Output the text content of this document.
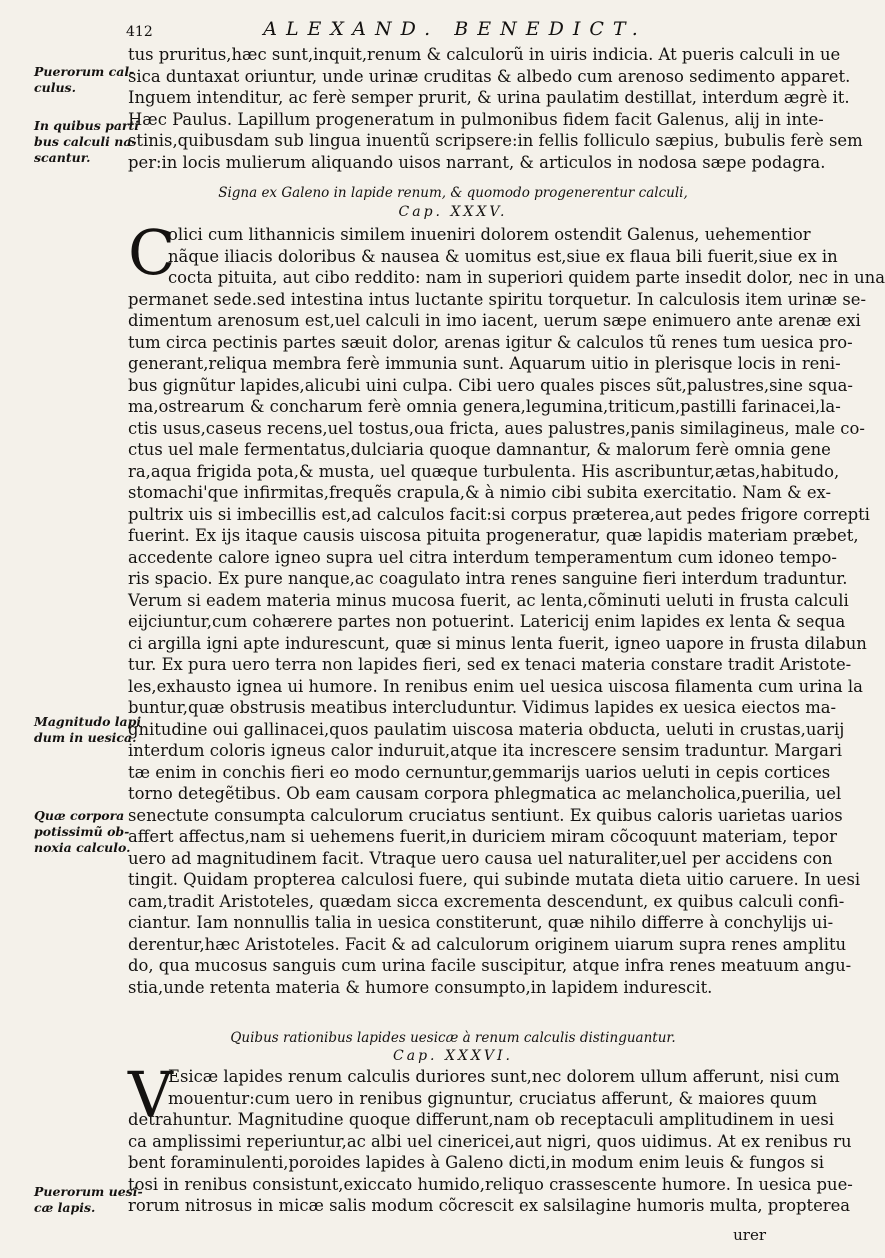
412	ALEXAND. BENEDICT.
Puerorum cal-
culus.
In quibus parti
bus calculi na-
scantur.
Magnitudo lapi
dum in uesica.
Quæ corpora
potissimũ ob-
noxia calculo.
Puerorum uesi-
cæ lapis.
tus pruritus,hæc sunt,inquit,renum & calculorũ in uiris indicia. At pueris calculi in ue
sica duntaxat oriuntur, unde urinæ cruditas & albedo cum arenoso sedimento apparet.
Inguem intenditur, ac ferè semper prurit, & urina paulatim destillat, interdum ægrè it.
Hæc Paulus. Lapillum progeneratum in pulmonibus fidem facit Galenus, alij in inte-
stinis,quibusdam sub lingua inuentũ scripsere:in fellis folliculo sæpius, bubulis ferè sem
per:in locis mulierum aliquando uisos narrant, & articulos in nodosa sæpe podagra.
Signa ex Galeno in lapide renum, & quomodo progenerentur calculi,
Cap. XXXV.
C
olici cum lithannicis similem inueniri dolorem ostendit Galenus, uehementior
nãque iliacis doloribus & nausea & uomitus est,siue ex flaua bili fuerit,siue ex in
cocta pituita, aut cibo reddito: nam in superiori quidem parte insedit dolor, nec in una
permanet sede.sed intestina intus luctante spiritu torquetur. In calculosis item urinæ se-
dimentum arenosum est,uel calculi in imo iacent, uerum sæpe enimuero ante arenæ exi
tum circa pectinis partes sæuit dolor, arenas igitur & calculos tũ renes tum uesica pro-
generant,reliqua membra ferè immunia sunt. Aquarum uitio in plerisque locis in reni-
bus gignũtur lapides,alicubi uini culpa. Cibi uero quales pisces sũt,palustres,sine squa-
ma,ostrearum & concharum ferè omnia genera,legumina,triticum,pastilli farinacei,la-
ctis usus,caseus recens,uel tostus,oua fricta, aues palustres,panis similagineus, male co-
ctus uel male fermentatus,dulciaria quoque damnantur, & malorum ferè omnia gene
ra,aqua frigida pota,& musta, uel quæque turbulenta. His ascribuntur,ætas,habitudo,
stomachi'que infirmitas,frequẽs crapula,& à nimio cibi subita exercitatio. Nam & ex-
pultrix uis si imbecillis est,ad calculos facit:si corpus præterea,aut pedes frigore correpti
fuerint. Ex ijs itaque causis uiscosa pituita progeneratur, quæ lapidis materiam præbet,
accedente calore igneo supra uel citra interdum temperamentum cum idoneo tempo-
ris spacio. Ex pure nanque,ac coagulato intra renes sanguine fieri interdum traduntur.
Verum si eadem materia minus mucosa fuerit, ac lenta,cõminuti ueluti in frusta calculi
eijciuntur,cum cohærere partes non potuerint. Latericij enim lapides ex lenta & sequa
ci argilla igni apte indurescunt, quæ si minus lenta fuerit, igneo uapore in frusta dilabun
tur. Ex pura uero terra non lapides fieri, sed ex tenaci materia constare tradit Aristote-
les,exhausto ignea ui humore. In renibus enim uel uesica uiscosa filamenta cum urina la
buntur,quæ obstrusis meatibus intercluduntur. Vidimus lapides ex uesica eiectos ma-
gnitudine oui gallinacei,quos paulatim uiscosa materia obducta, ueluti in crustas,uarij
interdum coloris igneus calor induruit,atque ita increscere sensim traduntur. Margari
tæ enim in conchis fieri eo modo cernuntur,gemmarijs uarios ueluti in cepis cortices
torno detegẽtibus. Ob eam causam corpora phlegmatica ac melancholica,puerilia, uel
senectute consumpta calculorum cruciatus sentiunt. Ex quibus caloris uarietas uarios
affert affectus,nam si uehemens fuerit,in duriciem miram cõcoquunt materiam, tepor
uero ad magnitudinem facit. Vtraque uero causa uel naturaliter,uel per accidens con
tingit. Quidam propterea calculosi fuere, qui subinde mutata dieta uitio caruere. In uesi
cam,tradit Aristoteles, quædam sicca excrementa descendunt, ex quibus calculi confi-
ciantur. Iam nonnullis talia in uesica constiterunt, quæ nihilo differre à conchylijs ui-
derentur,hæc Aristoteles. Facit & ad calculorum originem uiarum supra renes amplitu
do, qua mucosus sanguis cum urina facile suscipitur, atque infra renes meatuum angu-
stia,unde retenta materia & humore consumpto,in lapidem indurescit.
Quibus rationibus lapides uesicæ à renum calculis distinguantur.
Cap. XXXVI.
V
Esicæ lapides renum calculis duriores sunt,nec dolorem ullum afferunt, nisi cum
mouentur:cum uero in renibus gignuntur, cruciatus afferunt, & maiores quum
detrahuntur. Magnitudine quoque differunt,nam ob receptaculi amplitudinem in uesi
ca amplissimi reperiuntur,ac albi uel cinericei,aut nigri, quos uidimus. At ex renibus ru
bent foraminulenti,poroides lapides à Galeno dicti,in modum enim leuis & fungos si
tosi in renibus consistunt,exiccato humido,reliquo crassescente humore. In uesica pue-
rorum nitrosus in micæ salis modum cõcrescit ex salsilagine humoris multa, propterea
urer
